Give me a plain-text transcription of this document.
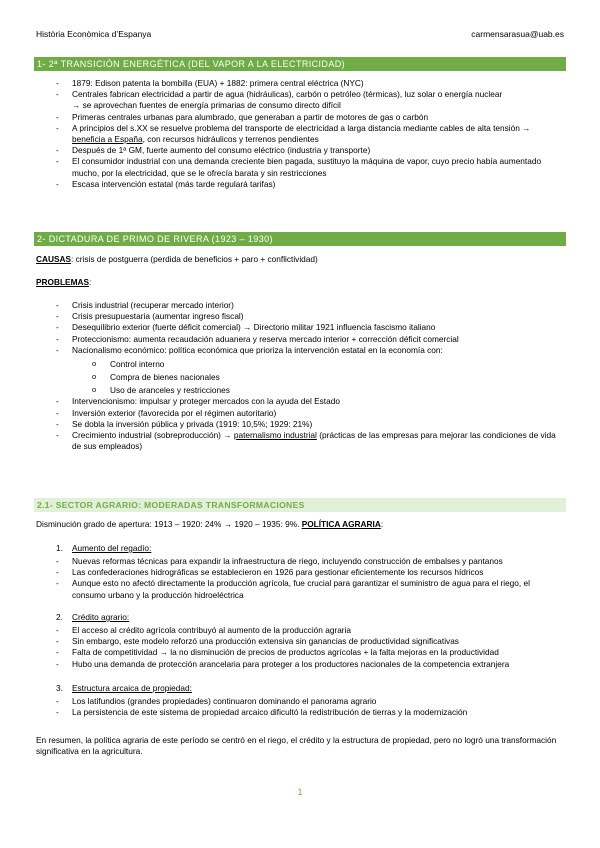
Història Econòmica d’Espanya	carmensarasua@uab.es
1- 2ª TRANSICIÓN ENERGÉTICA (DEL VAPOR A LA ELECTRICIDAD)
- 1879: Edison patenta la bombilla (EUA) + 1882: primera central eléctrica (NYC)
- Centrales fabrican electricidad a partir de agua (hidráulicas), carbón o petróleo (térmicas), luz solar o energía nuclear
→ se aprovechan fuentes de energía primarias de consumo directo difícil
- Primeras centrales urbanas para alumbrado, que generaban a partir de motores de gas o carbón
- A principios del s.XX se resuelve problema del transporte de electricidad a larga distancia mediante cables de alta tensión → beneficia a España, con recursos hidráulicos y terrenos pendientes
- Después de 1ª GM, fuerte aumento del consumo eléctrico (industria y transporte)
- El consumidor industrial con una demanda creciente bien pagada, sustituyo la máquina de vapor, cuyo precio había aumentado mucho, por la electricidad, que se le ofrecía barata y sin restricciones
- Escasa intervención estatal (más tarde regulará tarifas)
2- DICTADURA DE PRIMO DE RIVERA (1923 – 1930)
CAUSAS: crisis de postguerra (perdida de beneficios + paro + conflictividad)
PROBLEMAS:
- Crisis industrial (recuperar mercado interior)
- Crisis presupuestaria (aumentar ingreso fiscal)
- Desequilibrio exterior (fuerte déficit comercial) → Directorio militar 1921 influencia fascismo italiano
- Proteccionismo: aumenta recaudación aduanera y reserva mercado interior + corrección déficit comercial
- Nacionalismo económico: política económica que prioriza la intervención estatal en la economía con:
o Control interno
o Compra de bienes nacionales
o Uso de aranceles y restricciones
- Intervencionismo: impulsar y proteger mercados con la ayuda del Estado
- Inversión exterior (favorecida por el régimen autoritario)
- Se dobla la inversión pública y privada (1919: 10,5%; 1929: 21%)
- Crecimiento industrial (sobreproducción) → paternalismo industrial (prácticas de las empresas para mejorar las condiciones de vida de sus empleados)
2.1- SECTOR AGRARIO: MODERADAS TRANSFORMACIONES
Disminución grado de apertura: 1913 – 1920: 24% → 1920 – 1935: 9%. POLÍTICA AGRARIA:
1. Aumento del regadío:
- Nuevas reformas técnicas para expandir la infraestructura de riego, incluyendo construcción de embalses y pantanos
- Las confederaciones hidrográficas se establecieron en 1926 para gestionar eficientemente los recursos hídricos
- Aunque esto no afectó directamente la producción agrícola, fue crucial para garantizar el suministro de agua para el riego, el consumo urbano y la producción hidroeléctrica
2. Crédito agrario:
- El acceso al crédito agrícola contribuyó al aumento de la producción agraria
- Sin embargo, este modelo reforzó una producción extensiva sin ganancias de productividad significativas
- Falta de competitividad → la no disminución de precios de productos agrícolas + la falta mejoras en la productividad
- Hubo una demanda de protección arancelaria para proteger a los productores nacionales de la competencia extranjera
3. Estructura arcaica de propiedad:
- Los latifundios (grandes propiedades) continuaron dominando el panorama agrario
- La persistencia de este sistema de propiedad arcaico dificultó la redistribución de tierras y la modernización
En resumen, la política agraria de este período se centró en el riego, el crédito y la estructura de propiedad, pero no logró una transformación significativa en la agricultura.
1
